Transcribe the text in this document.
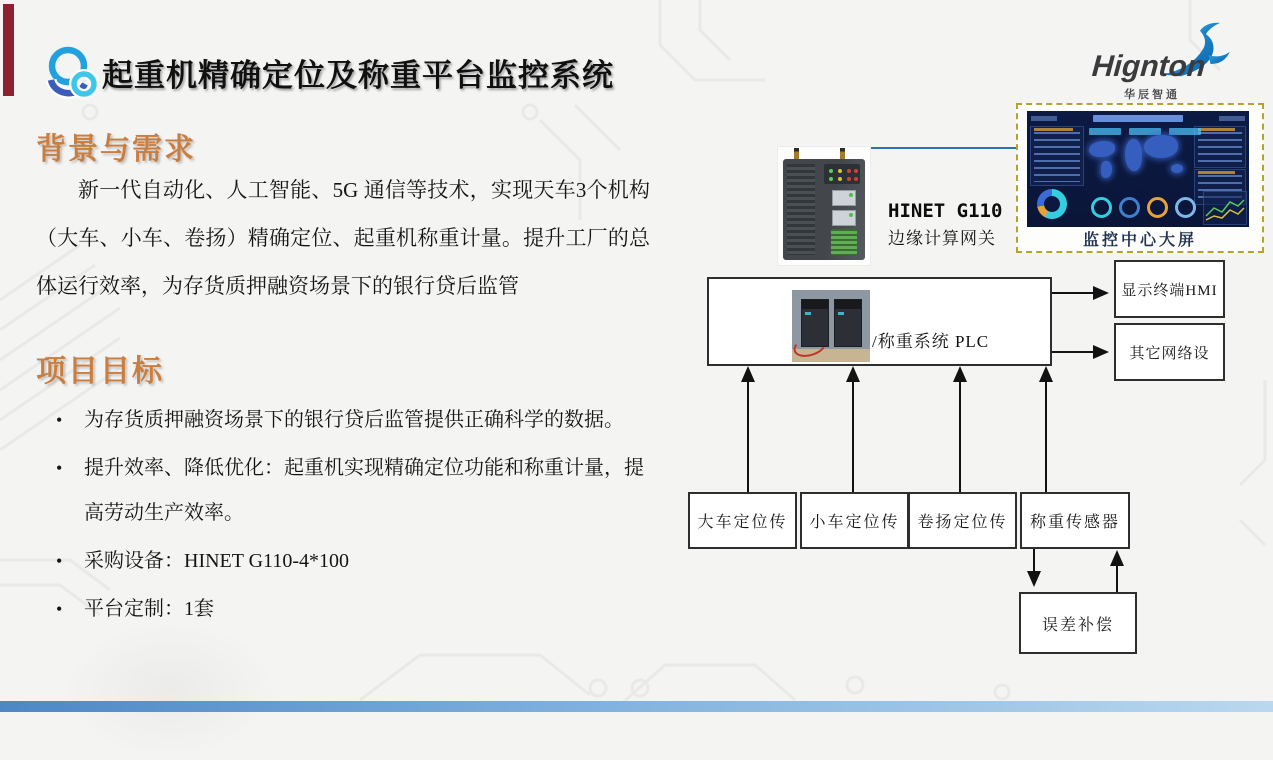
起重机精确定位及称重平台监控系统	Hignton
华辰智通
背景与需求
新一代自动化、人工智能、5G 通信等技术，实现天车3个机构（大车、小车、卷扬）精确定位、起重机称重计量。提升工厂的总体运行效率，为存货质押融资场景下的银行贷后监管
项目目标
• 为存货质押融资场景下的银行贷后监管提供正确科学的数据。
• 提升效率、降低优化：起重机实现精确定位功能和称重计量，提高劳动生产效率。
• 采购设备：HINET G110-4*100
• 平台定制：1套
HINET G110
边缘计算网关	监控中心大屏
/称重系统 PLC
显示终端HMI
其它网络设
大车定位传 小车定位传 卷扬定位传 称重传感器
误差补偿
